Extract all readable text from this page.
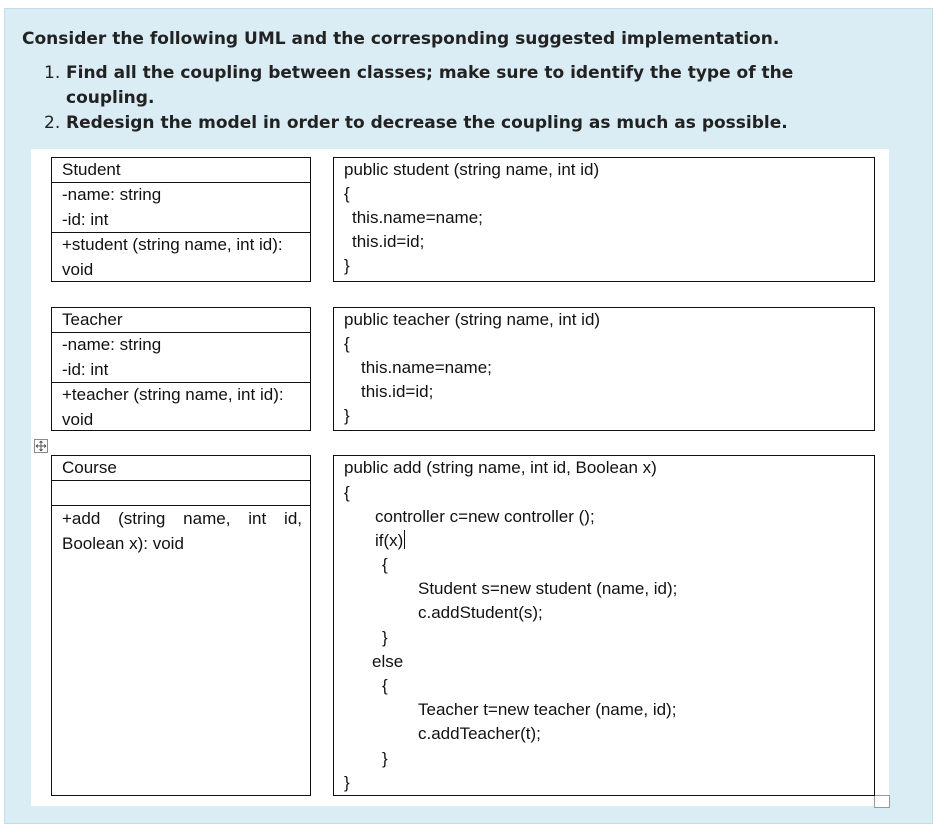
Consider the following UML and the corresponding suggested implementation.
1. Find all the coupling between classes; make sure to identify the type of the coupling.
2. Redesign the model in order to decrease the coupling as much as possible.
Student
-name: string
-id: int
+student (string name, int id):
void
public student (string name, int id)
{
this.name=name;
this.id=id;
}
Teacher
-name: string
-id: int
+teacher (string name, int id):
void
public teacher (string name, int id)
{
this.name=name;
this.id=id;
}
Course
+add (string name, int id, Boolean x): void
public add (string name, int id, Boolean x)
{
controller c=new controller ();
if(x)
{
Student s=new student (name, id);
c.addStudent(s);
}
else
{
Teacher t=new teacher (name, id);
c.addTeacher(t);
}
}
